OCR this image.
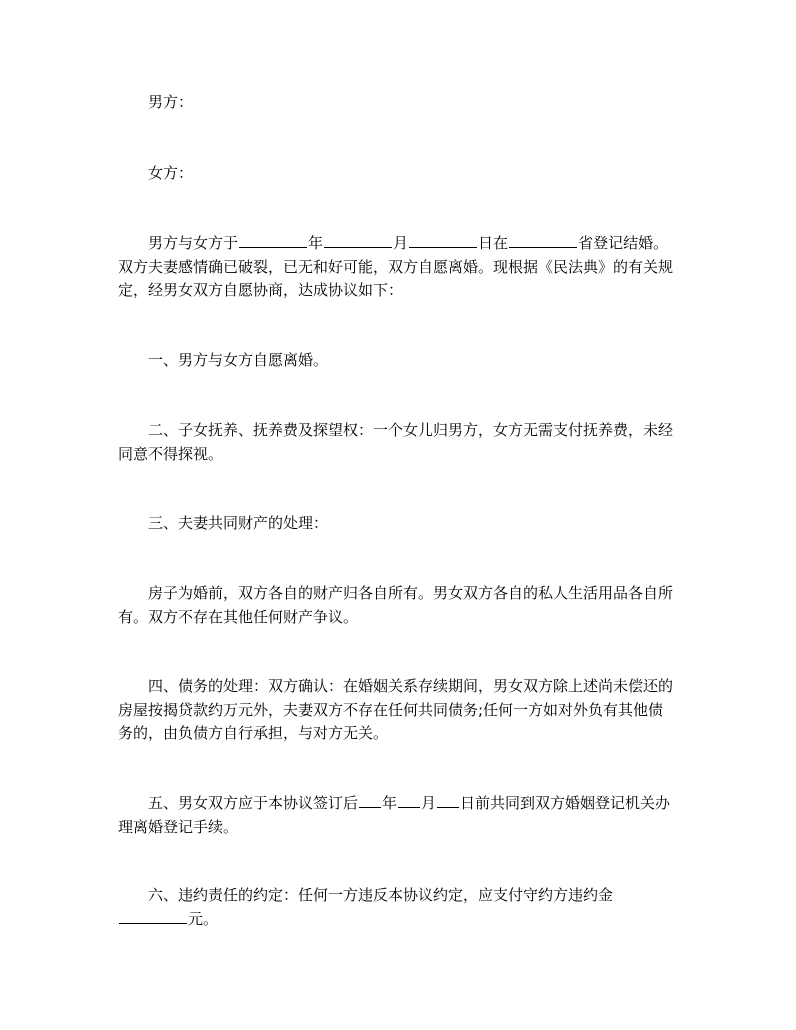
男方：
女方：
男方与女方于	年	月	日在	省登记结婚。双方夫妻感情确已破裂，已无和好可能，双方自愿离婚。现根据《民法典》的有关规定，经男女双方自愿协商，达成协议如下：
一、男方与女方自愿离婚。
二、子女抚养、抚养费及探望权：一个女儿归男方，女方无需支付抚养费，未经同意不得探视。
三、夫妻共同财产的处理：
房子为婚前，双方各自的财产归各自所有。男女双方各自的私人生活用品各自所有。双方不存在其他任何财产争议。
四、债务的处理：双方确认：在婚姻关系存续期间，男女双方除上述尚未偿还的房屋按揭贷款约万元外，夫妻双方不存在任何共同债务;任何一方如对外负有其他债务的，由负债方自行承担，与对方无关。
五、男女双方应于本协议签订后 年 月 日前共同到双方婚姻登记机关办理离婚登记手续。
六、违约责任的约定：任何一方违反本协议约定，应支付守约方违约金元。
